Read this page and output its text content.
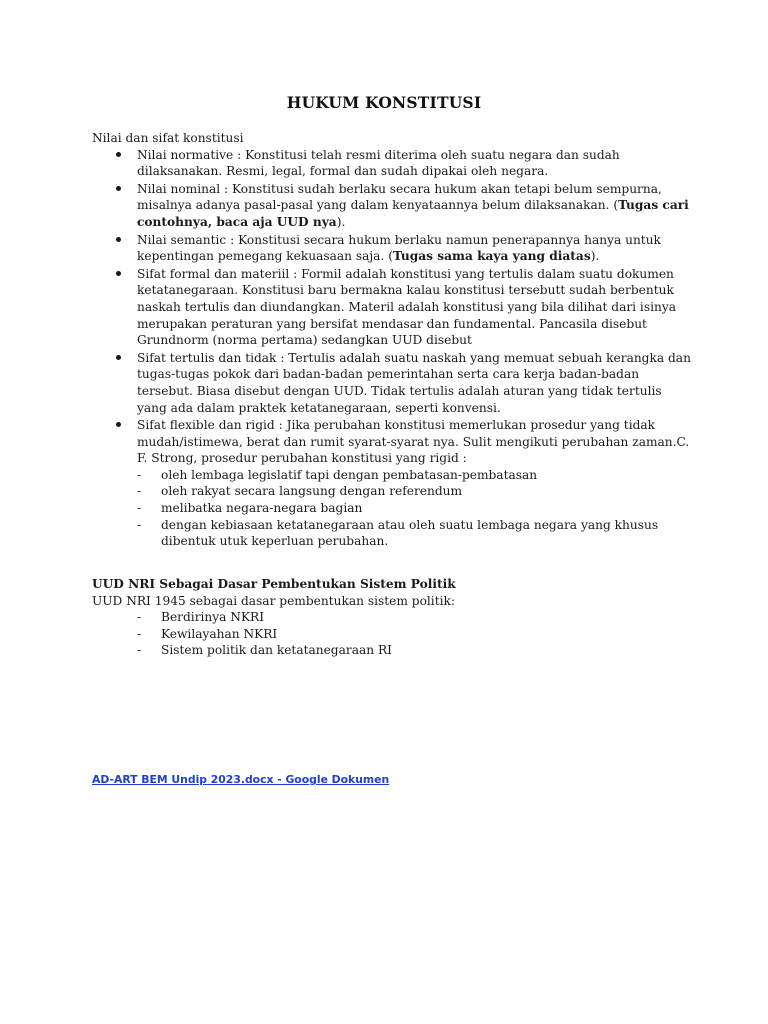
HUKUM KONSTITUSI

Nilai dan sifat konstitusi

Nilai normative : Konstitusi telah resmi diterima oleh suatu negara dan sudah dilaksanakan. Resmi, legal, formal dan sudah dipakai oleh negara.
Nilai nominal : Konstitusi sudah berlaku secara hukum akan tetapi belum sempurna, misalnya adanya pasal-pasal yang dalam kenyataannya belum dilaksanakan. (Tugas cari contohnya, baca aja UUD nya).
Nilai semantic : Konstitusi secara hukum berlaku namun penerapannya hanya untuk kepentingan pemegang kekuasaan saja. (Tugas sama kaya yang diatas).
Sifat formal dan materiil : Formil adalah konstitusi yang tertulis dalam suatu dokumen ketatanegaraan. Konstitusi baru bermakna kalau konstitusi tersebutt sudah berbentuk naskah tertulis dan diundangkan. Materil adalah konstitusi yang bila dilihat dari isinya merupakan peraturan yang bersifat mendasar dan fundamental. Pancasila disebut Grundnorm (norma pertama) sedangkan UUD disebut
Sifat tertulis dan tidak : Tertulis adalah suatu naskah yang memuat sebuah kerangka dan tugas-tugas pokok dari badan-badan pemerintahan serta cara kerja badan-badan tersebut. Biasa disebut dengan UUD. Tidak tertulis adalah aturan yang tidak tertulis yang ada dalam praktek ketatanegaraan, seperti konvensi.
Sifat flexible dan rigid : Jika perubahan konstitusi memerlukan prosedur yang tidak mudah/istimewa, berat dan rumit syarat-syarat nya. Sulit mengikuti perubahan zaman.C. F. Strong, prosedur perubahan konstitusi yang rigid :
- oleh lembaga legislatif tapi dengan pembatasan-pembatasan
- oleh rakyat secara langsung dengan referendum
- melibatka negara-negara bagian
- dengan kebiasaan ketatanegaraan atau oleh suatu lembaga negara yang khusus dibentuk utuk keperluan perubahan.

UUD NRI Sebagai Dasar Pembentukan Sistem Politik

UUD NRI 1945 sebagai dasar pembentukan sistem politik:

- Berdirinya NKRI
- Kewilayahan NKRI
- Sistem politik dan ketatanegaraan RI
AD-ART BEM Undip 2023.docx - Google Dokumen
